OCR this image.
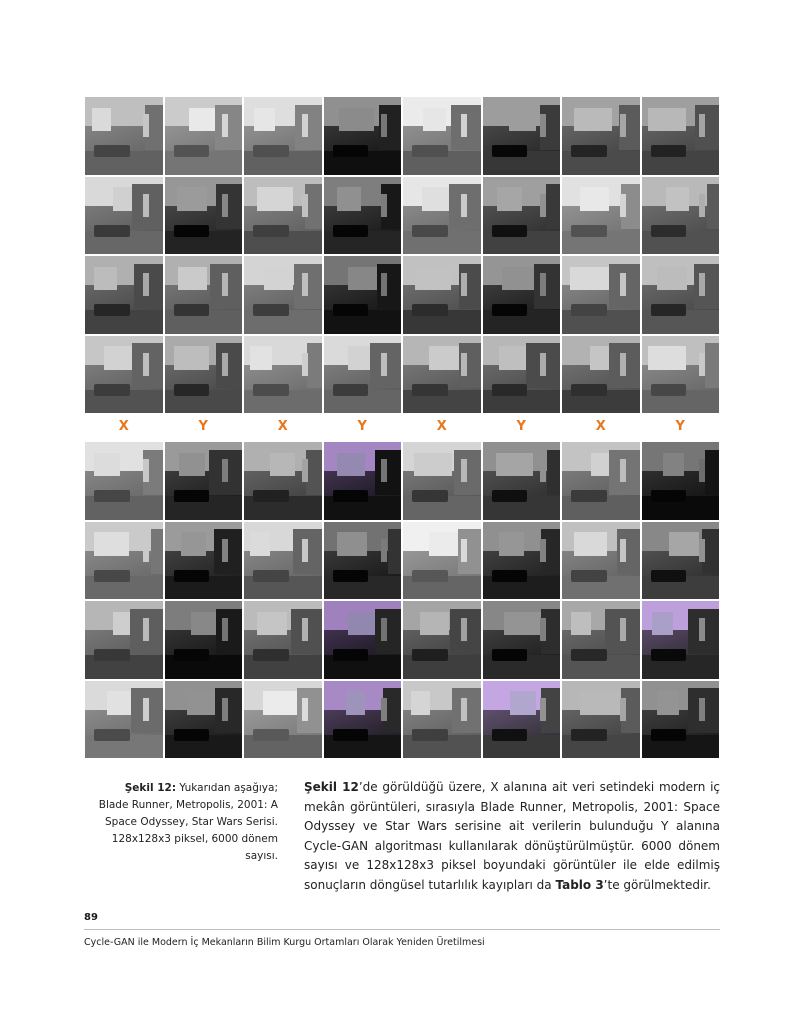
X	Y	X	Y	X	Y	X	Y
Şekil 12: Yukarıdan aşağıya; Blade Runner, Metropolis, 2001: A Space Odyssey, Star Wars Serisi. 128x128x3 piksel, 6000 dönem sayısı.
Şekil 12’de görüldüğü üzere, X alanına ait veri setindeki modern iç mekân görüntüleri, sırasıyla Blade Runner, Metropolis, 2001: Space Odyssey ve Star Wars serisine ait verilerin bulunduğu Y alanına Cycle-GAN algoritması kullanılarak dönüştürülmüştür. 6000 dönem sayısı ve 128x128x3 piksel boyundaki görüntüler ile elde edilmiş sonuçların döngüsel tutarlılık kayıpları da Tablo 3’te görülmektedir.
89
Cycle-GAN ile Modern İç Mekanların Bilim Kurgu Ortamları Olarak Yeniden Üretilmesi
